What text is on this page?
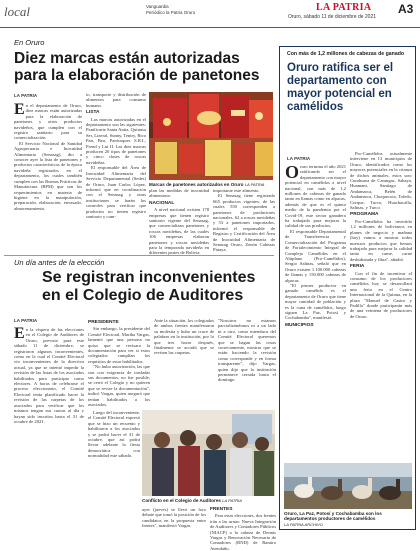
local	Vanguardia
Periódico la Patria Oruro	LA PATRIA
Oruro, sábado 11 de diciembre de 2021
A3
En Oruro
Diez marcas están autorizadas
para la elaboración de panetones
LA PATRIA
E n el departamento de Oruro, diez marcas están autorizadas para la elaboración de panetones y otros productos navideños, que cumplen con el registro sanitario para su comercialización.

El Servicio Nacional de Sanidad Agropecuaria e Inocuidad Alimentaria (Senasag), dio a conocer ayer la lista de panetones y productos característicos de la época navideña registrados en el departamento, los cuales también cumplen con las Buenas Prácticas de Manufactura (BPM) que son los requerimientos en materia de higiene en la manipulación, preparación, elaboración, envasado, almacenamiento,

to, transporte y distribución de alimentos para consumo humano.

LISTA

Las marcas autorizadas en el departamento son las siguientes: Panificarte Santa Anita, Quinusa Ser, Lizeral, Sunny, Tentry, Rico Pan, Bea, Panisoques S.R.L, Frend y Lui II. Las diez marcas producen 20 tipos de panetones y cinco clases de roscas navideñas.

El responsable del Área de Inocuidad Alimentaria del Servicio Departamental (Sedes) de Oruro, Juan Carlos López, informó que en coordinación con el Senasag y otras instituciones se harán los controles para verificar que productos no tienen registro sanitario y cum-

Marcas de panetones autorizados en Oruro LA PATRIA

plan las medidas de inocuidad alimentaria.

NACIONAL

A nivel nacional existen 178 empresas que tienen registro sanitario vigente del Senasag, que comercializan panetones y roscas navideñas, de las cuales 106 empresas elaboran panetones y roscas navideñas para la temporada navideña en diferentes partes de Bolivia.

importante este alimento.

El Senasag tiene registrado 665 productos vigentes, de las cuales 550 corresponden a panetones de productores nacionales, 62 a roscas navideñas y 53 a panetones importados, informó el responsable de Registro y Certificación del Área de Inocuidad Alimentaria de Senasag Oruro, Zenón Cabezas Pinaya.

Un día antes de la elección
Se registran inconvenientes
en el Colegio de Auditores
LA PATRIA
E n la víspera de las elecciones en el Colegio de Auditores de Oruro, previsto para este sábado 11 de diciembre, se registraron algunos inconvenientes, como en la cual el Comité Electoral vio inconvenientes de la directiva actual, ya que se intentó impedir la revisión de las listas de los asociados habilitados para participar como electores. A horas de celebrarse el proceso eleccionario, el Comité Electoral tenía planificado hacer la revisión de las carpetas de los asociados para verificar que los mismos tengan sus cuotas al día y hayan sido inscritos hasta el 31 de octubre de 2021.

PRESIDENTE

Sin embargo, la presidente del Comité Electoral, Martha Vargas, lamentó que una persona no quiso que se revisara la documentación para ver si estos colegiados cumplían los requisitos de estar habilitados.

"No hubo autorización, las que son con exigencia de trasladar sus documentos, no fue posible, se cerró el Colegio y no quieren que se revise la documentación", indicó Vargas, quien aseguró que tenían habilitados a los asociados.

Ante la situación, los colegiados de ambos frentes manifestaron su molestia y hubo un cruce de palabras en la institución, por lo que tres horas después, finalmente se acordó que se revisen las carpetas.

"Nosotros no estamos parcializándonos ni a un lado ni a otro, como miembros del Comité Electoral queremos que se hagan las cosas correctamente, mostrar que se están haciendo la revisión como corresponde y en forma transparente", dijo Vargas, quien dijo que la institución permanece cerrada hasta el domingo.

Conflicto en el Colegio de Auditores LA PATRIA

Luego del inconveniente, el Comité Electoral expresó que se hizo un recuento y habilitaron a los asociados y se podrá hacer el 31 de octubre, que así podrá llevar adelante la fiesta democrática con normalidad este sábado.

ayer (jueves) se llevó un foro debate que tomó la posición de los candidatos en la propuesta entre frentes", manifestó Vargas.

FRENTES

Para estas elecciones, dos frentes irán a las urnas: Nueva Integración de Auditores y Contadores Públicos (NIACP) a la cabeza de Dennis Vargas y Renovación Necesaria de Contadores (RND) de Ramiro Avendaño.

Con más de 1,2 millones de cabezas de ganado
Oruro ratifica ser el departamento con mayor potencial en camélidos
LA PATRIA
O ruro termina el año 2021 ratificando ser el departamento con mayor potencial en camélidos a nivel nacional, con más de 1,2 millones de cabezas de ganado tanto en llamas como en alpacas, además de que es el quinto medio de la pandemia por el Covid-19, este sector ganadero ha trabajado para mejorar la calidad de sus productos.

El responsable Departamental de Transferencia y Comercialización del Programa de Fortalecimiento Integral de Complejo Camélidos en el Altiplano (Pro-Camélidos), Sergio Salinas, señaló que en Oruro existen 1.100.000 cabezas de llamas y 150.000 cabezas de alpacas.

"El primer productor en ganado camélido es el departamento de Oruro que tiene mayor cantidad de población y es la cuna de camélidos, luego siguen La Paz, Potosí y Cochabamba", manifestó.

MUNICIPIOS

Pro-Camélidos actualmente interviene en 13 municipios de Oruro, identificados como los mayores potenciales en la crianza de dichos animales, estos son: Curahuara de Carangas, Sabaya, Huamani, Santiago de Andamarca, Belén de Andamarca, Choquecota, Toledo, Corque, Turco, Huachacalla, Salinas, y Turco.

PROGRAMA

Pro-Camélidos ha invertido 1,2 millones de bolivianos en planes de negocio y mañana (hoy) vamos a mostrar todos nuestros productos que hemos trabajado para mejorar la calidad tanto en carne, carne deshidratada y fibra", añadió.

FERIA

Con el fin de incentivar el consumo de los productores camélidos hoy se desarrollará una feria en el Centro Internacional de la Quinua, en la plaza "Manuel de Castro y Padilla" donde participarán más de una veintena de productores de Oruro.

Oruro, La Paz, Potosí y Cochabamba son los departamentos productores de camélidos
LA PATRIA ARCHIVO
